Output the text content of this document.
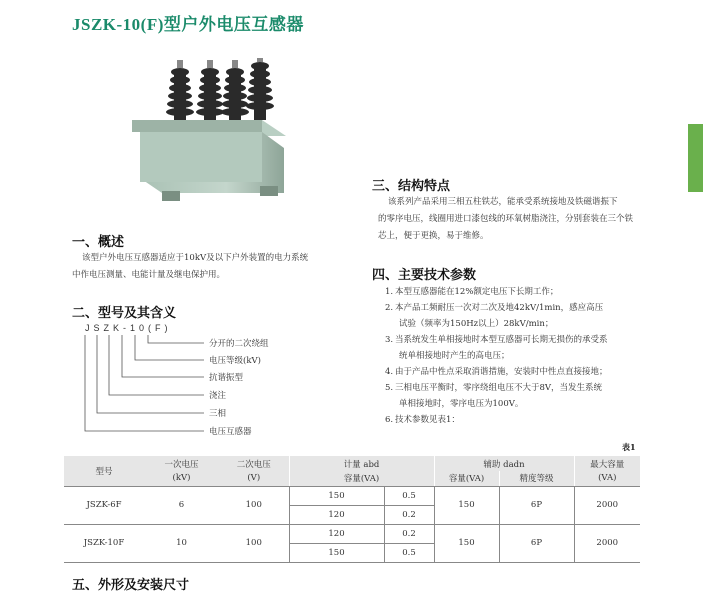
JSZK-10(F)型户外电压互感器
一、概述
该型户外电压互感器适应于10kV及以下户外装置的电力系统
中作电压测量、电能计量及继电保护用。
二、型号及其含义
JSZK-10(F)
分开的二次绕组
电压等级(kV)
抗谐振型
浇注
三相
电压互感器
三、结构特点
该系列产品采用三相五柱铁芯，能承受系统接地及铁磁谐振下
的零序电压，线圈用进口漆包线的环氧树脂浇注，分别套装在三个铁
芯上，便于更换，易于维修。
四、主要技术参数
1. 本型互感器能在12%额定电压下长期工作；
2. 本产品工频耐压一次对二次及地42kV/1min，感应高压
试验（频率为150Hz以上）28kV/min；
3. 当系统发生单相接地时本型互感器可长期无损伤的承受系
统单相接地时产生的高电压；
4. 由于产品中性点采取消谐措施，安装时中性点直接接地；
5. 三相电压平衡时，零序绕组电压不大于8V，当发生系统
单相接地时，零序电压为100V。
6. 技术参数见表1：
表1
型号	一次电压	二次电压	计量 abd		辅助 dadn		最大容量
	(kV)	(V)	容量(VA)		容量(VA)	精度等级	(VA)
JSZK-6F	6	100	150	0.5	150	6P	2000
			120	0.2			
JSZK-10F	10	100	120	0.2	150	6P	2000
			150	0.5			
五、外形及安装尺寸
